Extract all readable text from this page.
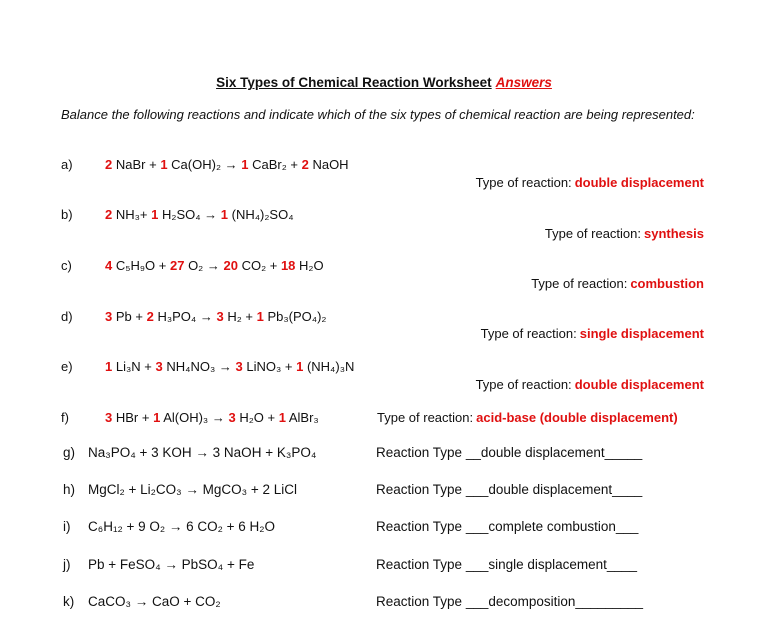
Six Types of Chemical Reaction Worksheet Answers
Balance the following reactions and indicate which of the six types of chemical reaction are being represented:
a) 2 NaBr + 1 Ca(OH)₂ → 1 CaBr₂ + 2 NaOH
Type of reaction: double displacement
b) 2 NH₃+ 1 H₂SO₄ → 1 (NH₄)₂SO₄
Type of reaction: synthesis
c)	4 C₅H₉O + 27 O₂ → 20 CO₂ + 18 H₂O
Type of reaction: combustion
d) 3 Pb + 2 H₃PO₄ → 3 H₂ + 1 Pb₃(PO₄)₂
Type of reaction: single displacement
e) 1 Li₃N + 3 NH₄NO₃ → 3 LiNO₃ + 1 (NH₄)₃N
Type of reaction: double displacement
f)	3 HBr + 1 Al(OH)₃ → 3 H₂O + 1 AlBr₃	Type of reaction: acid-base (double displacement)
g) Na₃PO₄ + 3 KOH → 3 NaOH + K₃PO₄	Reaction Type __double displacement_____
h) MgCl₂ + Li₂CO₃ → MgCO₃ + 2 LiCl	Reaction Type ___double displacement____
i) C₆H₁₂ + 9 O₂ → 6 CO₂ + 6 H₂O	Reaction Type ___complete combustion___
j) Pb + FeSO₄ → PbSO₄ + Fe	Reaction Type ___single displacement____
k) CaCO₃ → CaO + CO₂	Reaction Type ___decomposition_________
